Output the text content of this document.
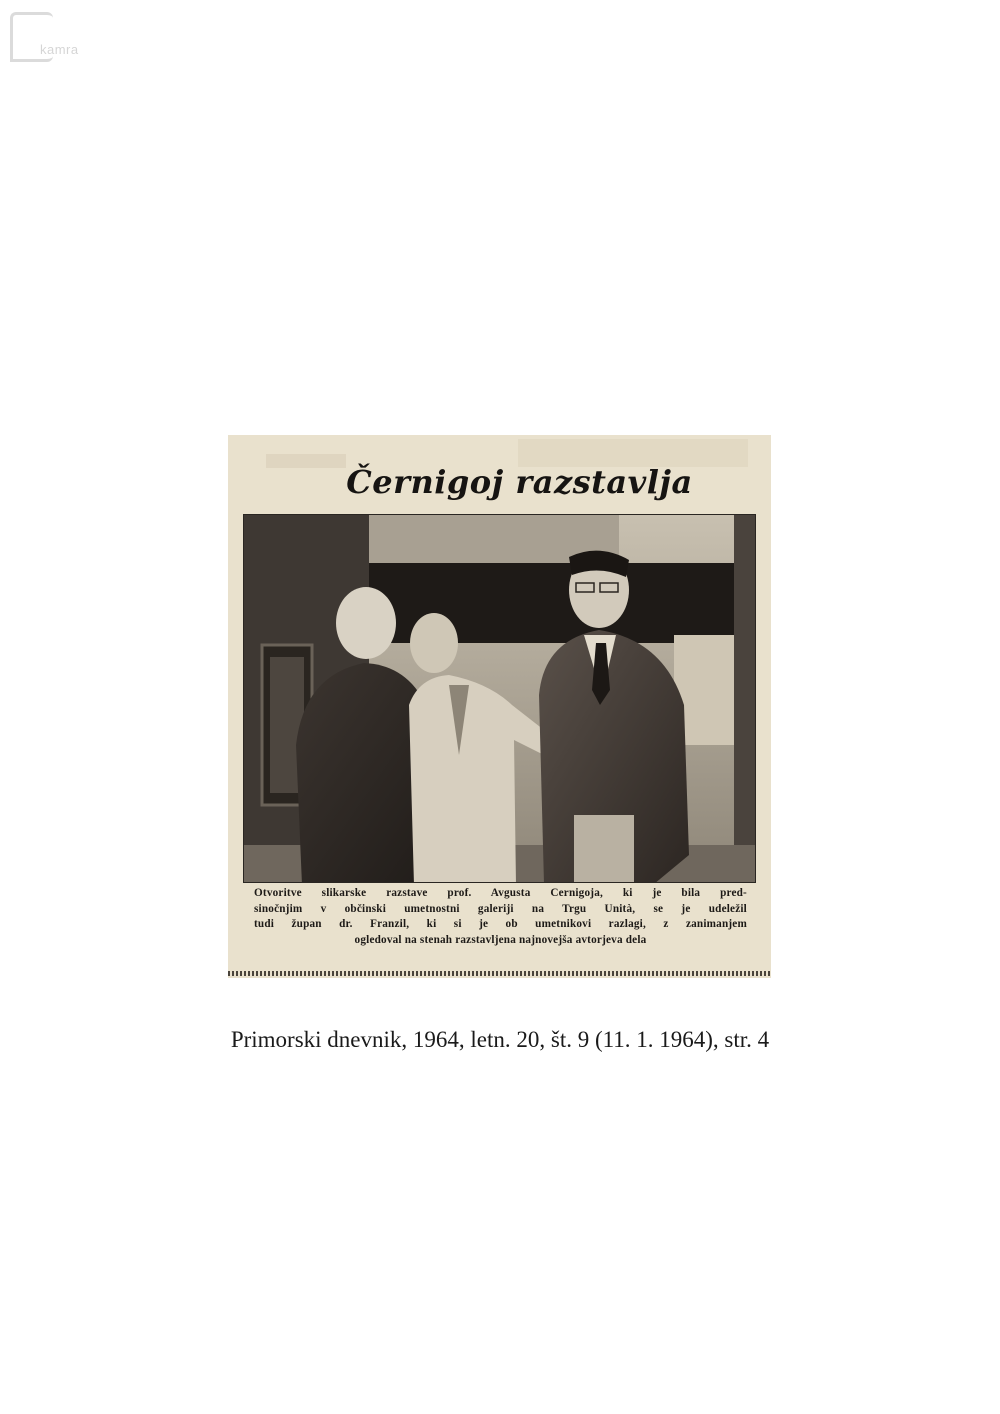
kamra
Černigoj razstavlja
Otvoritve slikarske razstave prof. Avgusta Cernigoja, ki je bila pred-
sinočnjim v občinski umetnostni galeriji na Trgu Unità, se je udeležil
tudi župan dr. Franzil, ki si je ob umetnikovi razlagi, z zanimanjem
ogledoval na stenah razstavljena najnovejša avtorjeva dela
Primorski dnevnik, 1964, letn. 20, št. 9 (11. 1. 1964), str. 4
